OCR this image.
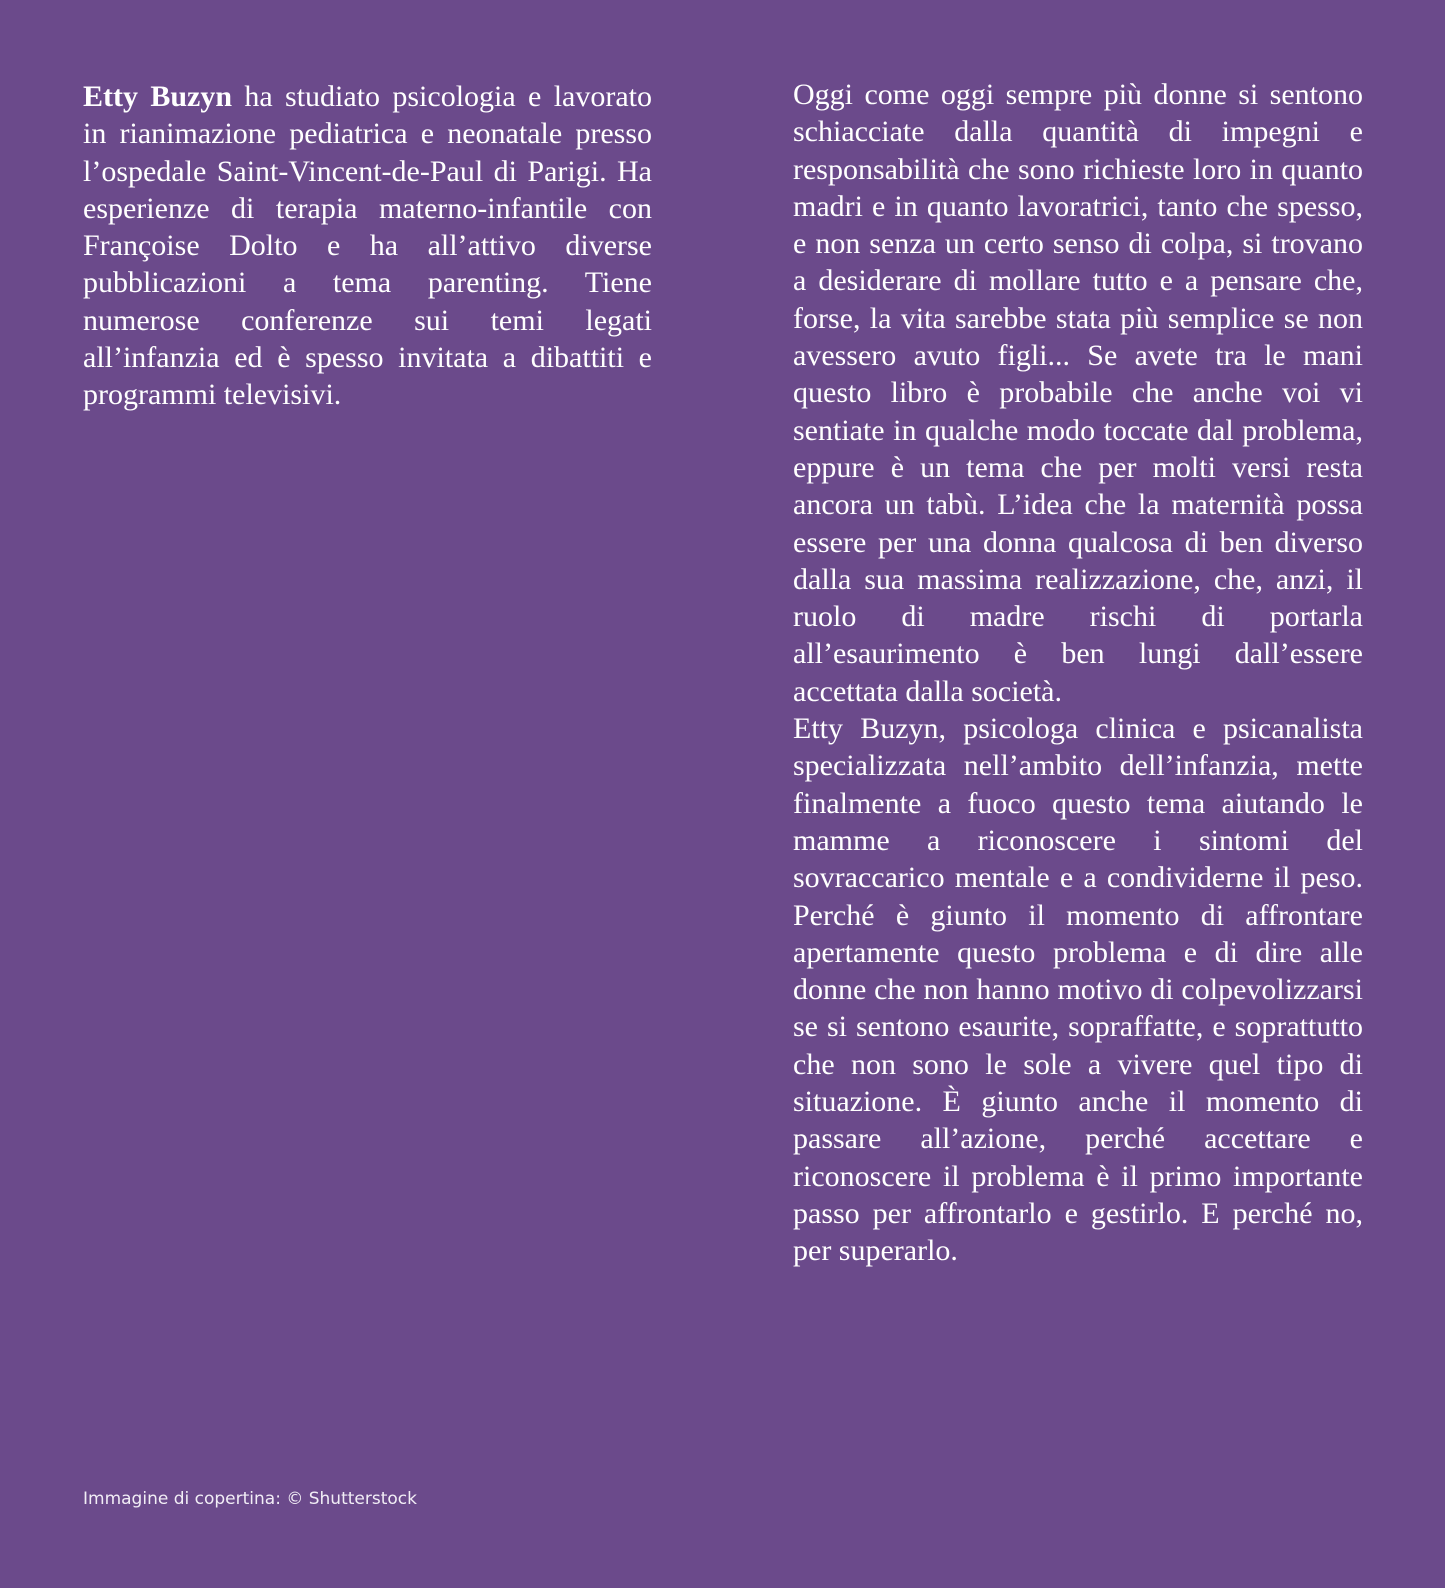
Etty Buzyn ha studiato psicologia e lavorato in rianimazione pediatrica e neonatale presso l’ospedale Saint-Vincent-de-Paul di Parigi. Ha esperienze di terapia materno-infantile con Françoise Dolto e ha all’attivo diverse pubblicazioni a tema parenting. Tiene numerose conferenze sui temi legati all’infanzia ed è spesso invitata a dibattiti e programmi televisivi.

Oggi come oggi sempre più donne si sentono schiacciate dalla quantità di impegni e responsabilità che sono richieste loro in quanto madri e in quanto lavoratrici, tanto che spesso, e non senza un certo senso di colpa, si trovano a desiderare di mollare tutto e a pensare che, forse, la vita sarebbe stata più semplice se non avessero avuto figli... Se avete tra le mani questo libro è probabile che anche voi vi sentiate in qualche modo toccate dal problema, eppure è un tema che per molti versi resta ancora un tabù. L’idea che la maternità possa essere per una donna qualcosa di ben diverso dalla sua massima realizzazione, che, anzi, il ruolo di madre rischi di portarla all’esaurimento è ben lungi dall’essere accettata dalla società.

Etty Buzyn, psicologa clinica e psicanalista specializzata nell’ambito dell’infanzia, mette finalmente a fuoco questo tema aiutando le mamme a riconoscere i sintomi del sovraccarico mentale e a condividerne il peso. Perché è giunto il momento di affrontare apertamente questo problema e di dire alle donne che non hanno motivo di colpevolizzarsi se si sentono esaurite, sopraffatte, e soprattutto che non sono le sole a vivere quel tipo di situazione. È giunto anche il momento di passare all’azione, perché accettare e riconoscere il problema è il primo importante passo per affrontarlo e gestirlo. E perché no, per superarlo.

Immagine di copertina: © Shutterstock
